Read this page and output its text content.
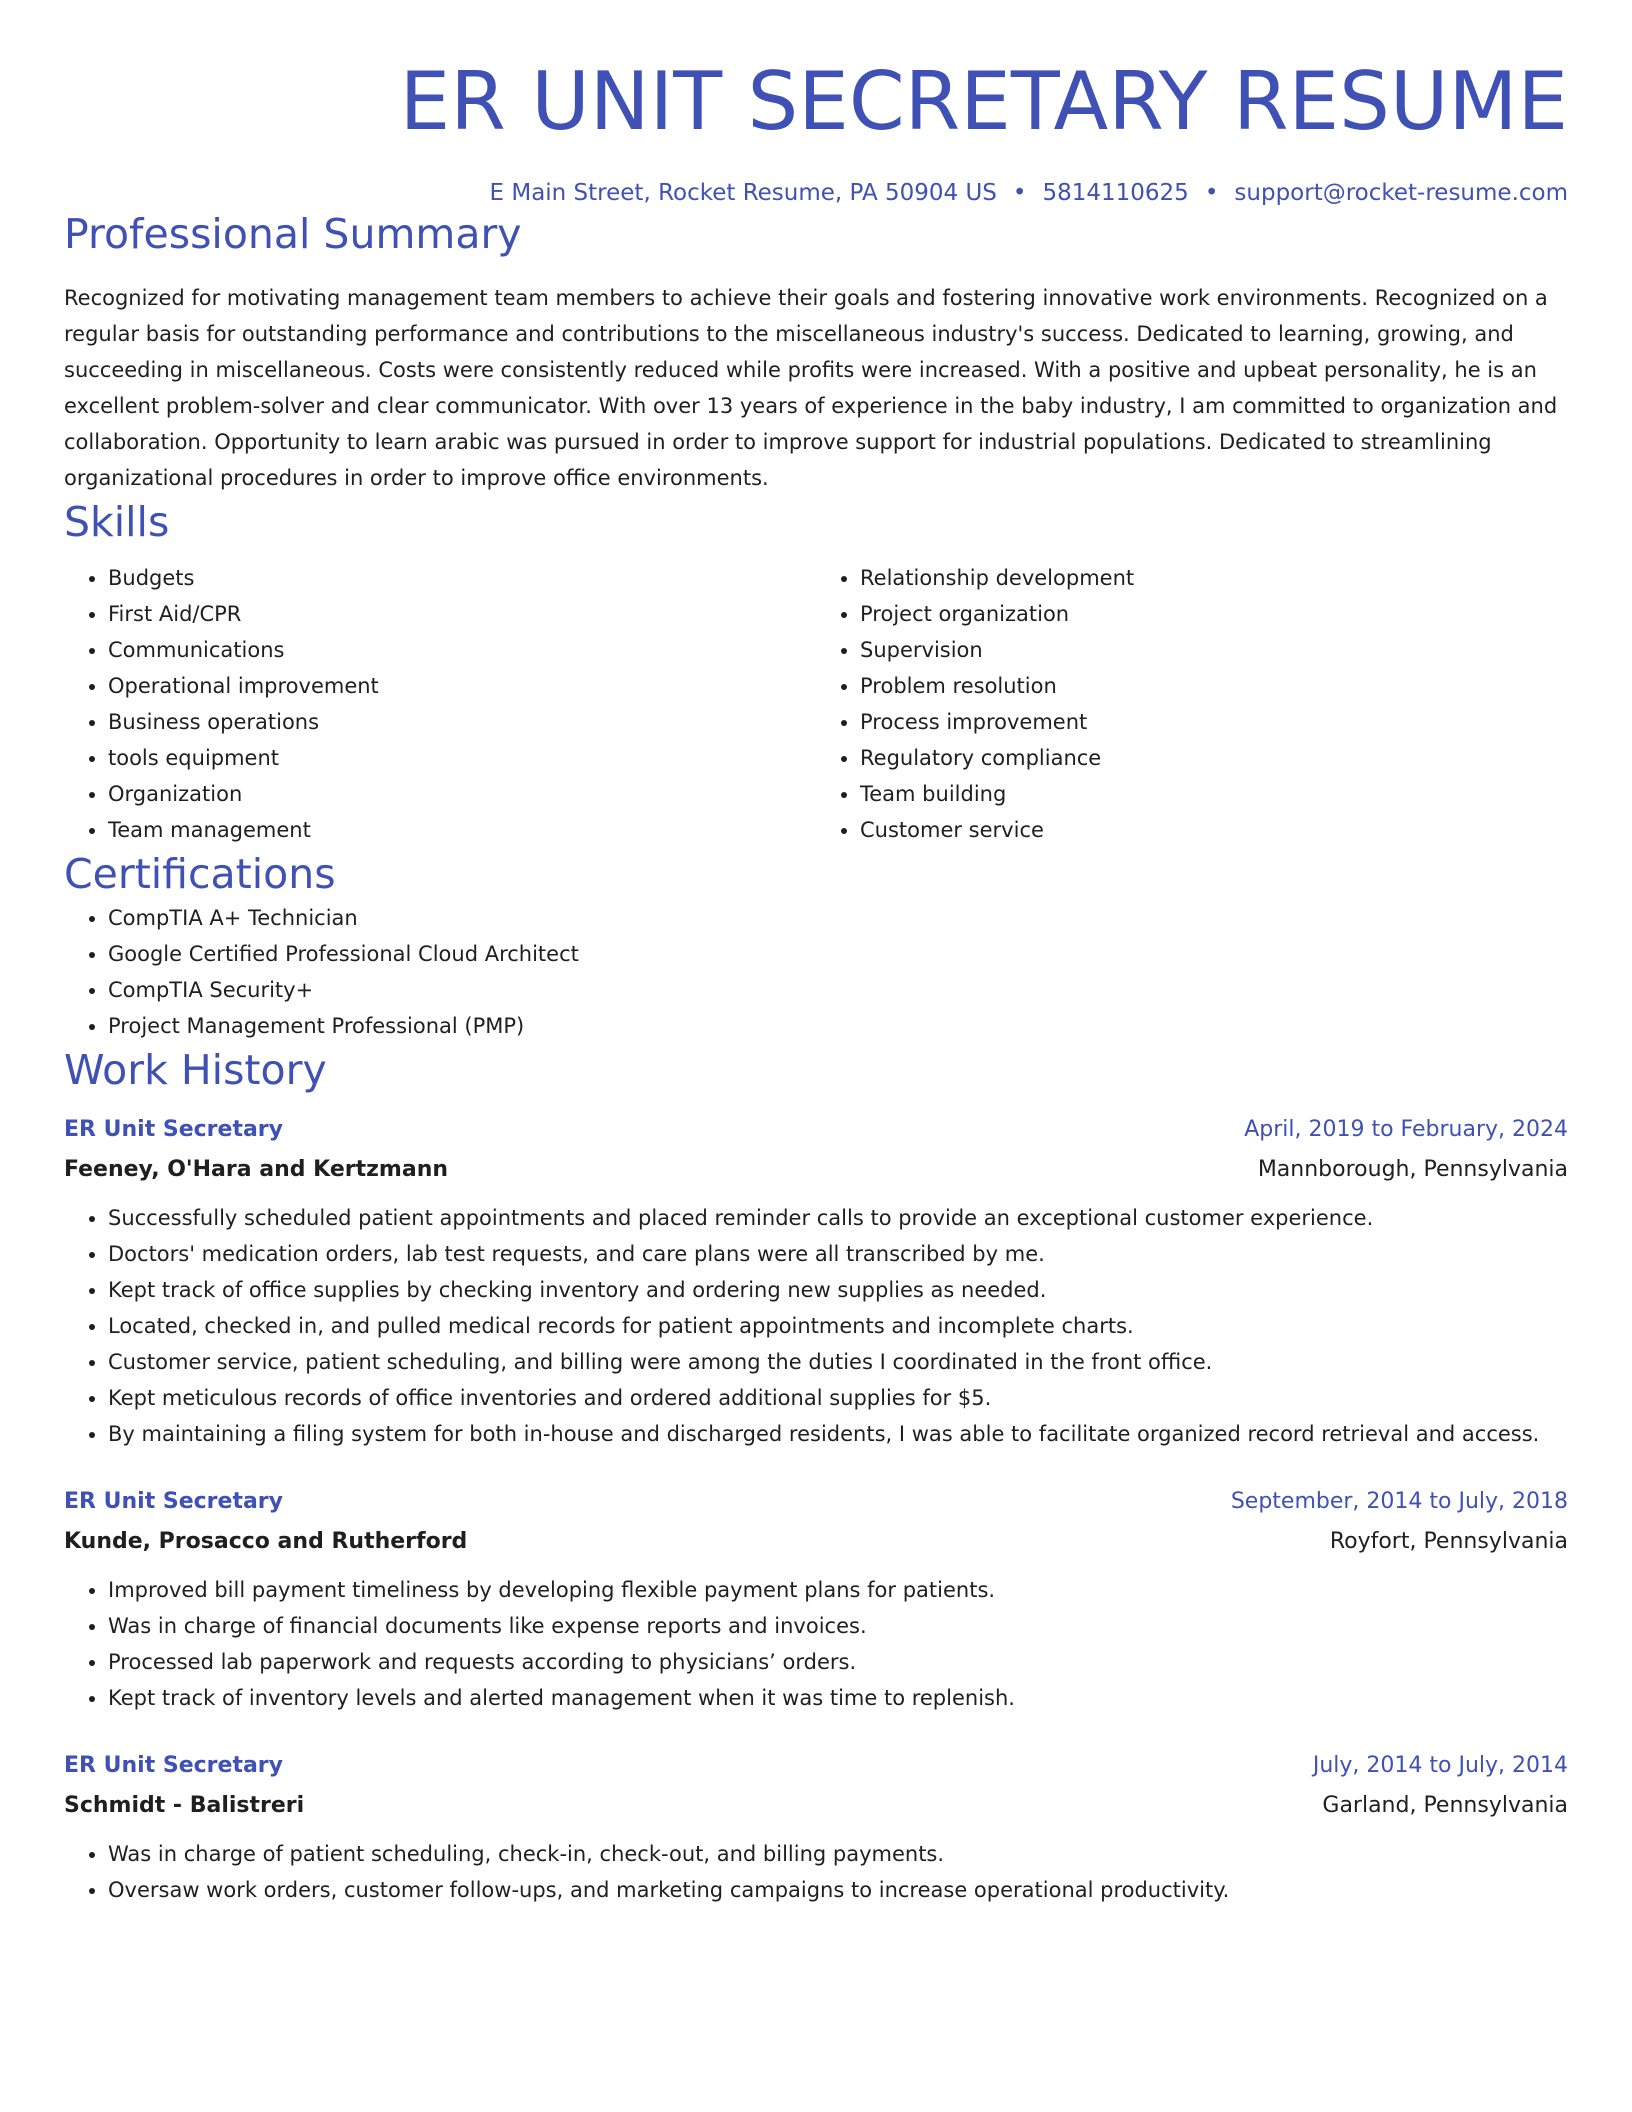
ER UNIT SECRETARY RESUME
E Main Street, Rocket Resume, PA 50904 US • 5814110625 • support@rocket-resume.com
Professional Summary

Recognized for motivating management team members to achieve their goals and fostering innovative work environments. Recognized on a regular basis for outstanding performance and contributions to the miscellaneous industry's success. Dedicated to learning, growing, and succeeding in miscellaneous. Costs were consistently reduced while profits were increased. With a positive and upbeat personality, he is an excellent problem-solver and clear communicator. With over 13 years of experience in the baby industry, I am committed to organization and collaboration. Opportunity to learn arabic was pursued in order to improve support for industrial populations. Dedicated to streamlining organizational procedures in order to improve office environments.

Skills
• Budgets
• First Aid/CPR
• Communications
• Operational improvement
• Business operations
• tools equipment
• Organization
• Team management
• Relationship development
• Project organization
• Supervision
• Problem resolution
• Process improvement
• Regulatory compliance
• Team building
• Customer service
Certifications
• CompTIA A+ Technician
• Google Certified Professional Cloud Architect
• CompTIA Security+
• Project Management Professional (PMP)
Work History
ER Unit Secretary	April, 2019 to February, 2024
Feeney, O'Hara and Kertzmann	Mannborough, Pennsylvania
• Successfully scheduled patient appointments and placed reminder calls to provide an exceptional customer experience.
• Doctors' medication orders, lab test requests, and care plans were all transcribed by me.
• Kept track of office supplies by checking inventory and ordering new supplies as needed.
• Located, checked in, and pulled medical records for patient appointments and incomplete charts.
• Customer service, patient scheduling, and billing were among the duties I coordinated in the front office.
• Kept meticulous records of office inventories and ordered additional supplies for $5.
• By maintaining a filing system for both in-house and discharged residents, I was able to facilitate organized record retrieval and access.
ER Unit Secretary	September, 2014 to July, 2018
Kunde, Prosacco and Rutherford	Royfort, Pennsylvania
• Improved bill payment timeliness by developing flexible payment plans for patients.
• Was in charge of financial documents like expense reports and invoices.
• Processed lab paperwork and requests according to physicians’ orders.
• Kept track of inventory levels and alerted management when it was time to replenish.
ER Unit Secretary	July, 2014 to July, 2014
Schmidt - Balistreri	Garland, Pennsylvania
• Was in charge of patient scheduling, check-in, check-out, and billing payments.
• Oversaw work orders, customer follow-ups, and marketing campaigns to increase operational productivity.
